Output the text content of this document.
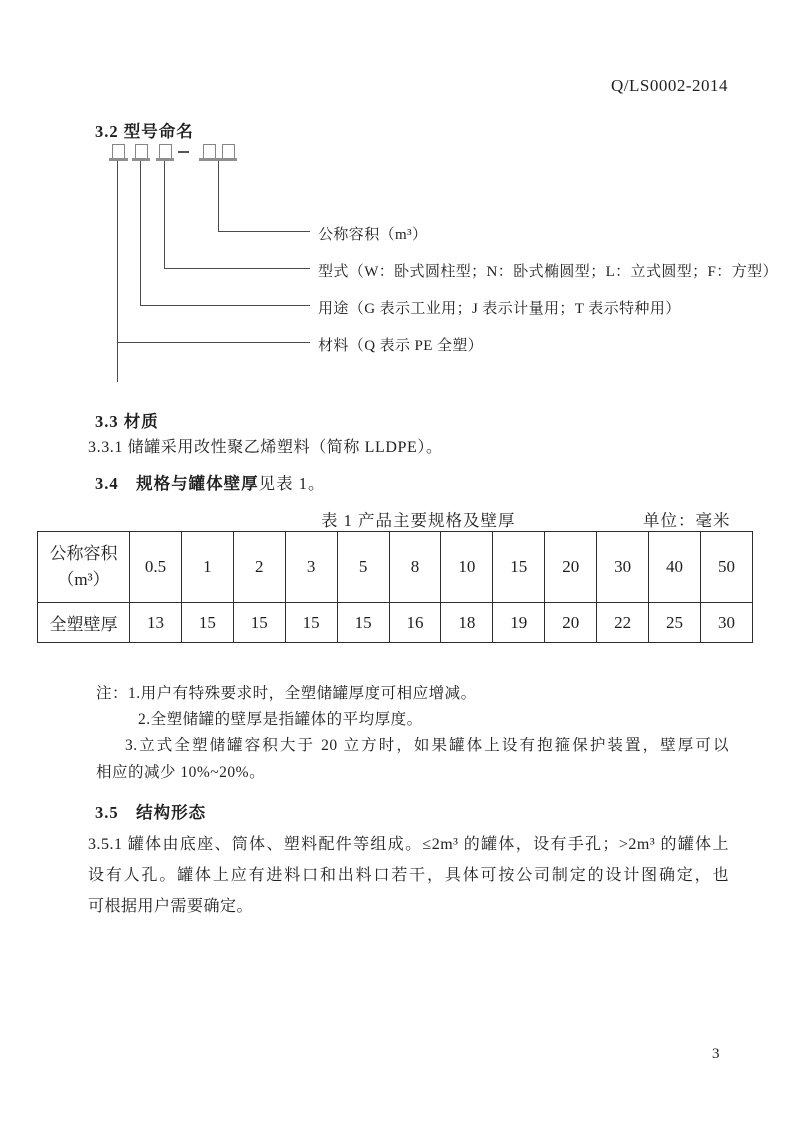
Q/LS0002-2014
3.2 型号命名
公称容积（m³）
型式（W：卧式圆柱型；N：卧式椭圆型；L：立式圆型；F：方型）
用途（G 表示工业用；J 表示计量用；T 表示特种用）
材料（Q 表示 PE 全塑）
3.3 材质
3.3.1 储罐采用改性聚乙烯塑料（简称 LLDPE）。
3.4　规格与罐体壁厚见表 1。
表 1 产品主要规格及壁厚	单位：毫米
公称容积
（m³）	0.5	1	2	3	5	8	10	15	20	30	40	50
全塑壁厚	13	15	15	15	15	16	18	19	20	22	25	30
注：1.用户有特殊要求时，全塑储罐厚度可相应增减。
2.全塑储罐的壁厚是指罐体的平均厚度。
3.立式全塑储罐容积大于 20 立方时，如果罐体上设有抱箍保护装置，壁厚可以
相应的减少 10%~20%。
3.5　结构形态
3.5.1 罐体由底座、筒体、塑料配件等组成。≤2m³ 的罐体，设有手孔；>2m³ 的罐体上
设有人孔。罐体上应有进料口和出料口若干，具体可按公司制定的设计图确定，也
可根据用户需要确定。
3
